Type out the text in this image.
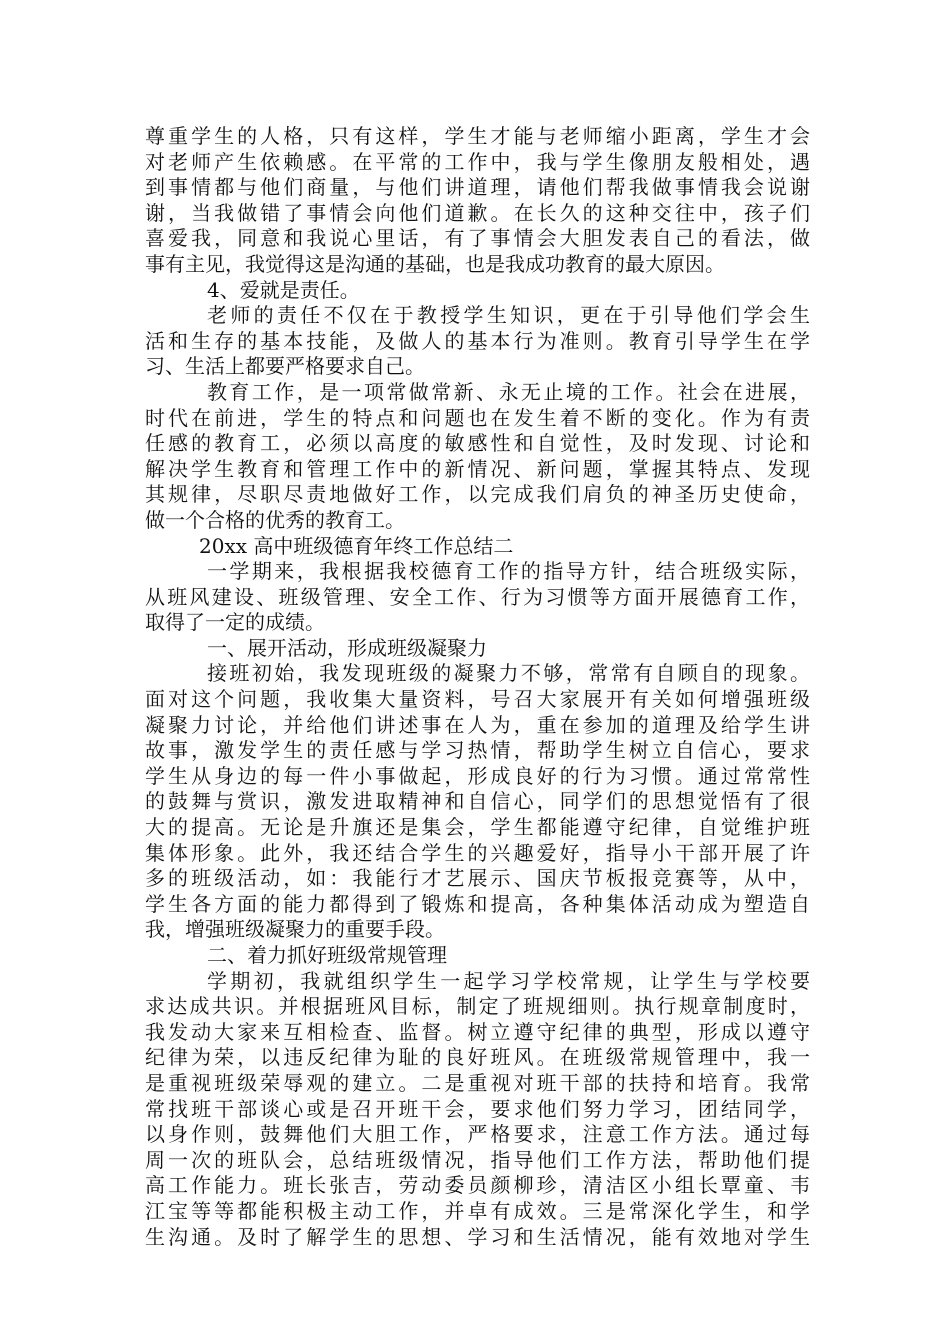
尊重学生的人格，只有这样，学生才能与老师缩小距离，学生才会
对老师产生依赖感。在平常的工作中，我与学生像朋友般相处，遇
到事情都与他们商量，与他们讲道理，请他们帮我做事情我会说谢
谢，当我做错了事情会向他们道歉。在长久的这种交往中，孩子们
喜爱我，同意和我说心里话，有了事情会大胆发表自己的看法，做
事有主见，我觉得这是沟通的基础，也是我成功教育的最大原因。
4、爱就是责任。
老师的责任不仅在于教授学生知识，更在于引导他们学会生
活和生存的基本技能，及做人的基本行为准则。教育引导学生在学
习、生活上都要严格要求自己。
教育工作，是一项常做常新、永无止境的工作。社会在进展，
时代在前进，学生的特点和问题也在发生着不断的变化。作为有责
任感的教育工，必须以高度的敏感性和自觉性，及时发现、讨论和
解决学生教育和管理工作中的新情况、新问题，掌握其特点、发现
其规律，尽职尽责地做好工作，以完成我们肩负的神圣历史使命，
做一个合格的优秀的教育工。
20xx 高中班级德育年终工作总结二
一学期来，我根据我校德育工作的指导方针，结合班级实际，
从班风建设、班级管理、安全工作、行为习惯等方面开展德育工作，
取得了一定的成绩。
一、展开活动，形成班级凝聚力
接班初始，我发现班级的凝聚力不够，常常有自顾自的现象。
面对这个问题，我收集大量资料，号召大家展开有关如何增强班级
凝聚力讨论，并给他们讲述事在人为，重在参加的道理及给学生讲
故事，激发学生的责任感与学习热情，帮助学生树立自信心，要求
学生从身边的每一件小事做起，形成良好的行为习惯。通过常常性
的鼓舞与赏识，激发进取精神和自信心，同学们的思想觉悟有了很
大的提高。无论是升旗还是集会，学生都能遵守纪律，自觉维护班
集体形象。此外，我还结合学生的兴趣爱好，指导小干部开展了许
多的班级活动，如：我能行才艺展示、国庆节板报竞赛等，从中，
学生各方面的能力都得到了锻炼和提高，各种集体活动成为塑造自
我，增强班级凝聚力的重要手段。
二、着力抓好班级常规管理
学期初，我就组织学生一起学习学校常规，让学生与学校要
求达成共识。并根据班风目标，制定了班规细则。执行规章制度时，
我发动大家来互相检查、监督。树立遵守纪律的典型，形成以遵守
纪律为荣，以违反纪律为耻的良好班风。在班级常规管理中，我一
是重视班级荣辱观的建立。二是重视对班干部的扶持和培育。我常
常找班干部谈心或是召开班干会，要求他们努力学习，团结同学，
以身作则，鼓舞他们大胆工作，严格要求，注意工作方法。通过每
周一次的班队会，总结班级情况，指导他们工作方法，帮助他们提
高工作能力。班长张吉，劳动委员颜柳珍，清洁区小组长覃童、韦
江宝等等都能积极主动工作，并卓有成效。三是常深化学生，和学
生沟通。及时了解学生的思想、学习和生活情况，能有效地对学生
